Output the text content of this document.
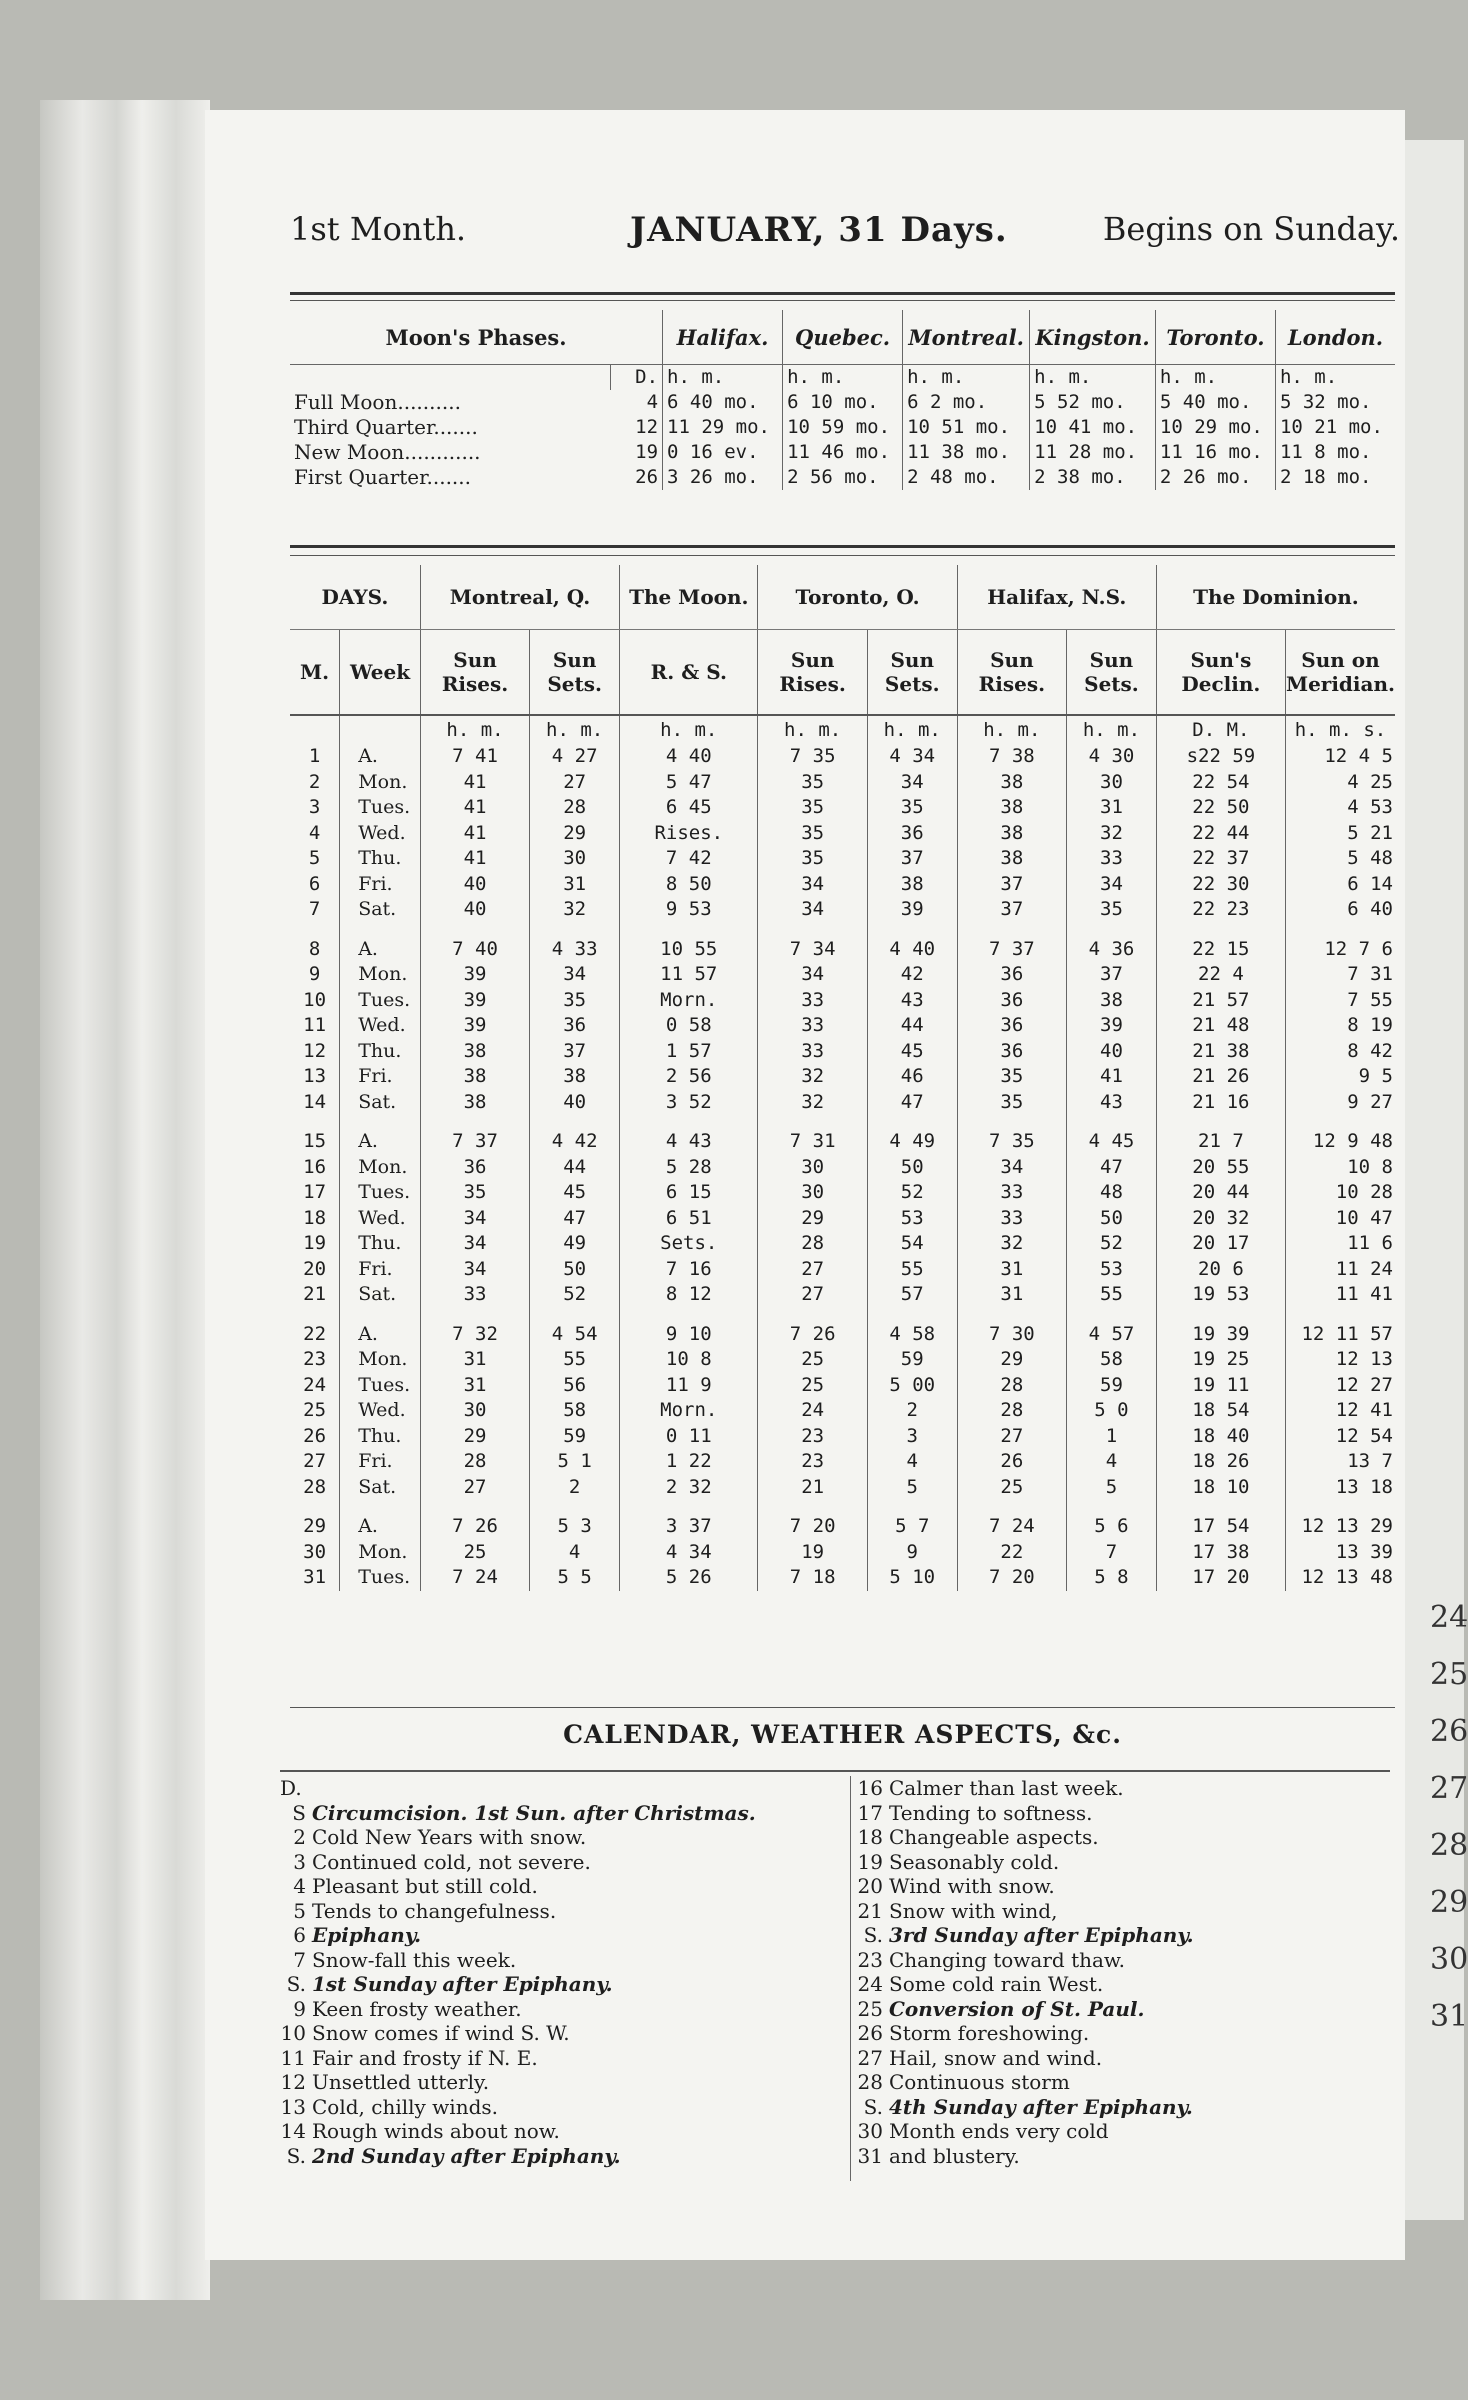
24
25
26
27
28
29
30
31
1st Month.	JANUARY, 31 Days.	Begins on Sunday.
Moon's Phases.		Halifax.	Quebec.	Montreal.	Kingston.	Toronto.	London.
	D.	h. m.	h. m.	h. m.	h. m.	h. m.	h. m.
Full Moon..........	4	6 40 mo.	6 10 mo.	6 2 mo.	5 52 mo.	5 40 mo.	5 32 mo.
Third Quarter.......	12	11 29 mo.	10 59 mo.	10 51 mo.	10 41 mo.	10 29 mo.	10 21 mo.
New Moon............	19	0 16 ev.	11 46 mo.	11 38 mo.	11 28 mo.	11 16 mo.	11 8 mo.
First Quarter.......	26	3 26 mo.	2 56 mo.	2 48 mo.	2 38 mo.	2 26 mo.	2 18 mo.
DAYS.		Montreal, Q.		The Moon.	Toronto, O.		Halifax, N.S.		The Dominion.	
M.	Week	Sun Rises.	Sun Sets.	R. & S.	Sun Rises.	Sun Sets.	Sun Rises.	Sun Sets.	Sun's Declin.	Sun on Meridian.
		h. m.	h. m.	h. m.	h. m.	h. m.	h. m.	h. m.	D. M.	h. m. s.
1	A.	7 41	4 27	4 40	7 35	4 34	7 38	4 30	s22 59	12 4 5
2	Mon.	41	27	5 47	35	34	38	30	22 54	4 25
3	Tues.	41	28	6 45	35	35	38	31	22 50	4 53
4	Wed.	41	29	Rises.	35	36	38	32	22 44	5 21
5	Thu.	41	30	7 42	35	37	38	33	22 37	5 48
6	Fri.	40	31	8 50	34	38	37	34	22 30	6 14
7	Sat.	40	32	9 53	34	39	37	35	22 23	6 40
8	A.	7 40	4 33	10 55	7 34	4 40	7 37	4 36	22 15	12 7 6
9	Mon.	39	34	11 57	34	42	36	37	22 4	7 31
10	Tues.	39	35	Morn.	33	43	36	38	21 57	7 55
11	Wed.	39	36	0 58	33	44	36	39	21 48	8 19
12	Thu.	38	37	1 57	33	45	36	40	21 38	8 42
13	Fri.	38	38	2 56	32	46	35	41	21 26	9 5
14	Sat.	38	40	3 52	32	47	35	43	21 16	9 27
15	A.	7 37	4 42	4 43	7 31	4 49	7 35	4 45	21 7	12 9 48
16	Mon.	36	44	5 28	30	50	34	47	20 55	10 8
17	Tues.	35	45	6 15	30	52	33	48	20 44	10 28
18	Wed.	34	47	6 51	29	53	33	50	20 32	10 47
19	Thu.	34	49	Sets.	28	54	32	52	20 17	11 6
20	Fri.	34	50	7 16	27	55	31	53	20 6	11 24
21	Sat.	33	52	8 12	27	57	31	55	19 53	11 41
22	A.	7 32	4 54	9 10	7 26	4 58	7 30	4 57	19 39	12 11 57
23	Mon.	31	55	10 8	25	59	29	58	19 25	12 13
24	Tues.	31	56	11 9	25	5 00	28	59	19 11	12 27
25	Wed.	30	58	Morn.	24	2	28	5 0	18 54	12 41
26	Thu.	29	59	0 11	23	3	27	1	18 40	12 54
27	Fri.	28	5 1	1 22	23	4	26	4	18 26	13 7
28	Sat.	27	2	2 32	21	5	25	5	18 10	13 18
29	A.	7 26	5 3	3 37	7 20	5 7	7 24	5 6	17 54	12 13 29
30	Mon.	25	4	4 34	19	9	22	7	17 38	13 39
31	Tues.	7 24	5 5	5 26	7 18	5 10	7 20	5 8	17 20	12 13 48
CALENDAR, WEATHER ASPECTS, &c.
D.
S Circumcision. 1st Sun. after Christmas.
2 Cold New Years with snow.
3 Continued cold, not severe.
4 Pleasant but still cold.
5 Tends to changefulness.
6 Epiphany.
7 Snow-fall this week.
S. 1st Sunday after Epiphany.
9 Keen frosty weather.
10 Snow comes if wind S. W.
11 Fair and frosty if N. E.
12 Unsettled utterly.
13 Cold, chilly winds.
14 Rough winds about now.
S. 2nd Sunday after Epiphany.
16 Calmer than last week.
17 Tending to softness.
18 Changeable aspects.
19 Seasonably cold.
20 Wind with snow.
21 Snow with wind,
S. 3rd Sunday after Epiphany.
23 Changing toward thaw.
24 Some cold rain West.
25 Conversion of St. Paul.
26 Storm foreshowing.
27 Hail, snow and wind.
28 Continuous storm
S. 4th Sunday after Epiphany.
30 Month ends very cold
31 and blustery.
